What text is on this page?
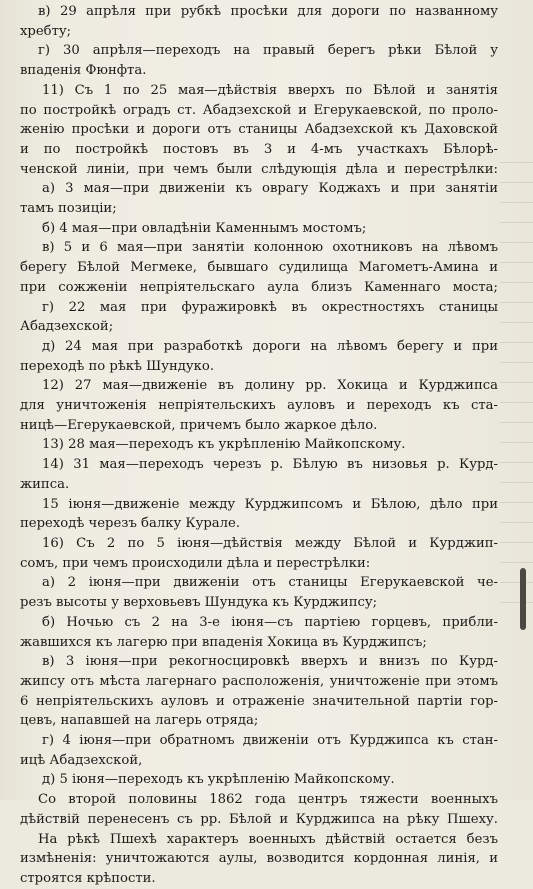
в) 29 апрѣля при рубкѣ просѣки для дороги по названному
хребту;
г) 30 апрѣля—переходъ на правый берегъ рѣки Бѣлой у
впаденія Фюнфта.
11) Съ 1 по 25 мая—дѣйствія вверхъ по Бѣлой и занятія
по постройкѣ оградъ ст. Абадзехской и Егерукаевской, по проло-
женію просѣки и дороги отъ станицы Абадзехской къ Даховской
и по постройкѣ постовъ въ 3 и 4-мъ участкахъ Бѣлорѣ-
ченской линіи, при чемъ были слѣдующія дѣла и перестрѣлки:
а) 3 мая—при движеніи къ оврагу Коджахъ и при занятіи
тамъ позиціи;
б) 4 мая—при овладѣніи Каменнымъ мостомъ;
в) 5 и 6 мая—при занятіи колонною охотниковъ на лѣвомъ
берегу Бѣлой Мегмеке, бывшаго судилища Магометъ-Амина и
при сожженіи непріятельскаго аула близъ Каменнаго моста;
г) 22 мая при фуражировкѣ въ окрестностяхъ станицы
Абадзехской;
д) 24 мая при разработкѣ дороги на лѣвомъ берегу и при
переходѣ по рѣкѣ Шундуко.
12) 27 мая—движеніе въ долину рр. Хокица и Курджипса
для уничтоженія непріятельскихъ ауловъ и переходъ къ ста-
ницѣ—Егерукаевской, причемъ было жаркое дѣло.
13) 28 мая—переходъ къ укрѣпленію Майкопскому.
14) 31 мая—переходъ черезъ р. Бѣлую въ низовья р. Курд-
жипса.
15 іюня—движеніе между Курджипсомъ и Бѣлою, дѣло при
переходѣ черезъ балку Курале.
16) Съ 2 по 5 іюня—дѣйствія между Бѣлой и Курджип-
сомъ, при чемъ происходили дѣла и перестрѣлки:
а) 2 іюня—при движеніи отъ станицы Егерукаевской че-
резъ высоты у верховьевъ Шундука къ Курджипсу;
б) Ночью съ 2 на 3-е іюня—съ партіею горцевъ, прибли-
жавшихся къ лагерю при впаденія Хокица въ Курджипсъ;
в) 3 іюня—при рекогносцировкѣ вверхъ и внизъ по Курд-
жипсу отъ мѣста лагернаго расположенія, уничтоженіе при этомъ
6 непріятельскихъ ауловъ и отраженіе значительной партіи гор-
цевъ, напавшей на лагерь отряда;
г) 4 іюня—при обратномъ движеніи отъ Курджипса къ стан-
ицѣ Абадзехской,
д) 5 іюня—переходъ къ укрѣпленію Майкопскому.
Со второй половины 1862 года центръ тяжести военныхъ
дѣйствій перенесенъ съ рр. Бѣлой и Курджипса на рѣку Пшеху.
На рѣкѣ Пшехѣ характеръ военныхъ дѣйствій остается безъ
измѣненія: уничтожаются аулы, возводится кордонная линія, и
строятся крѣпости.
